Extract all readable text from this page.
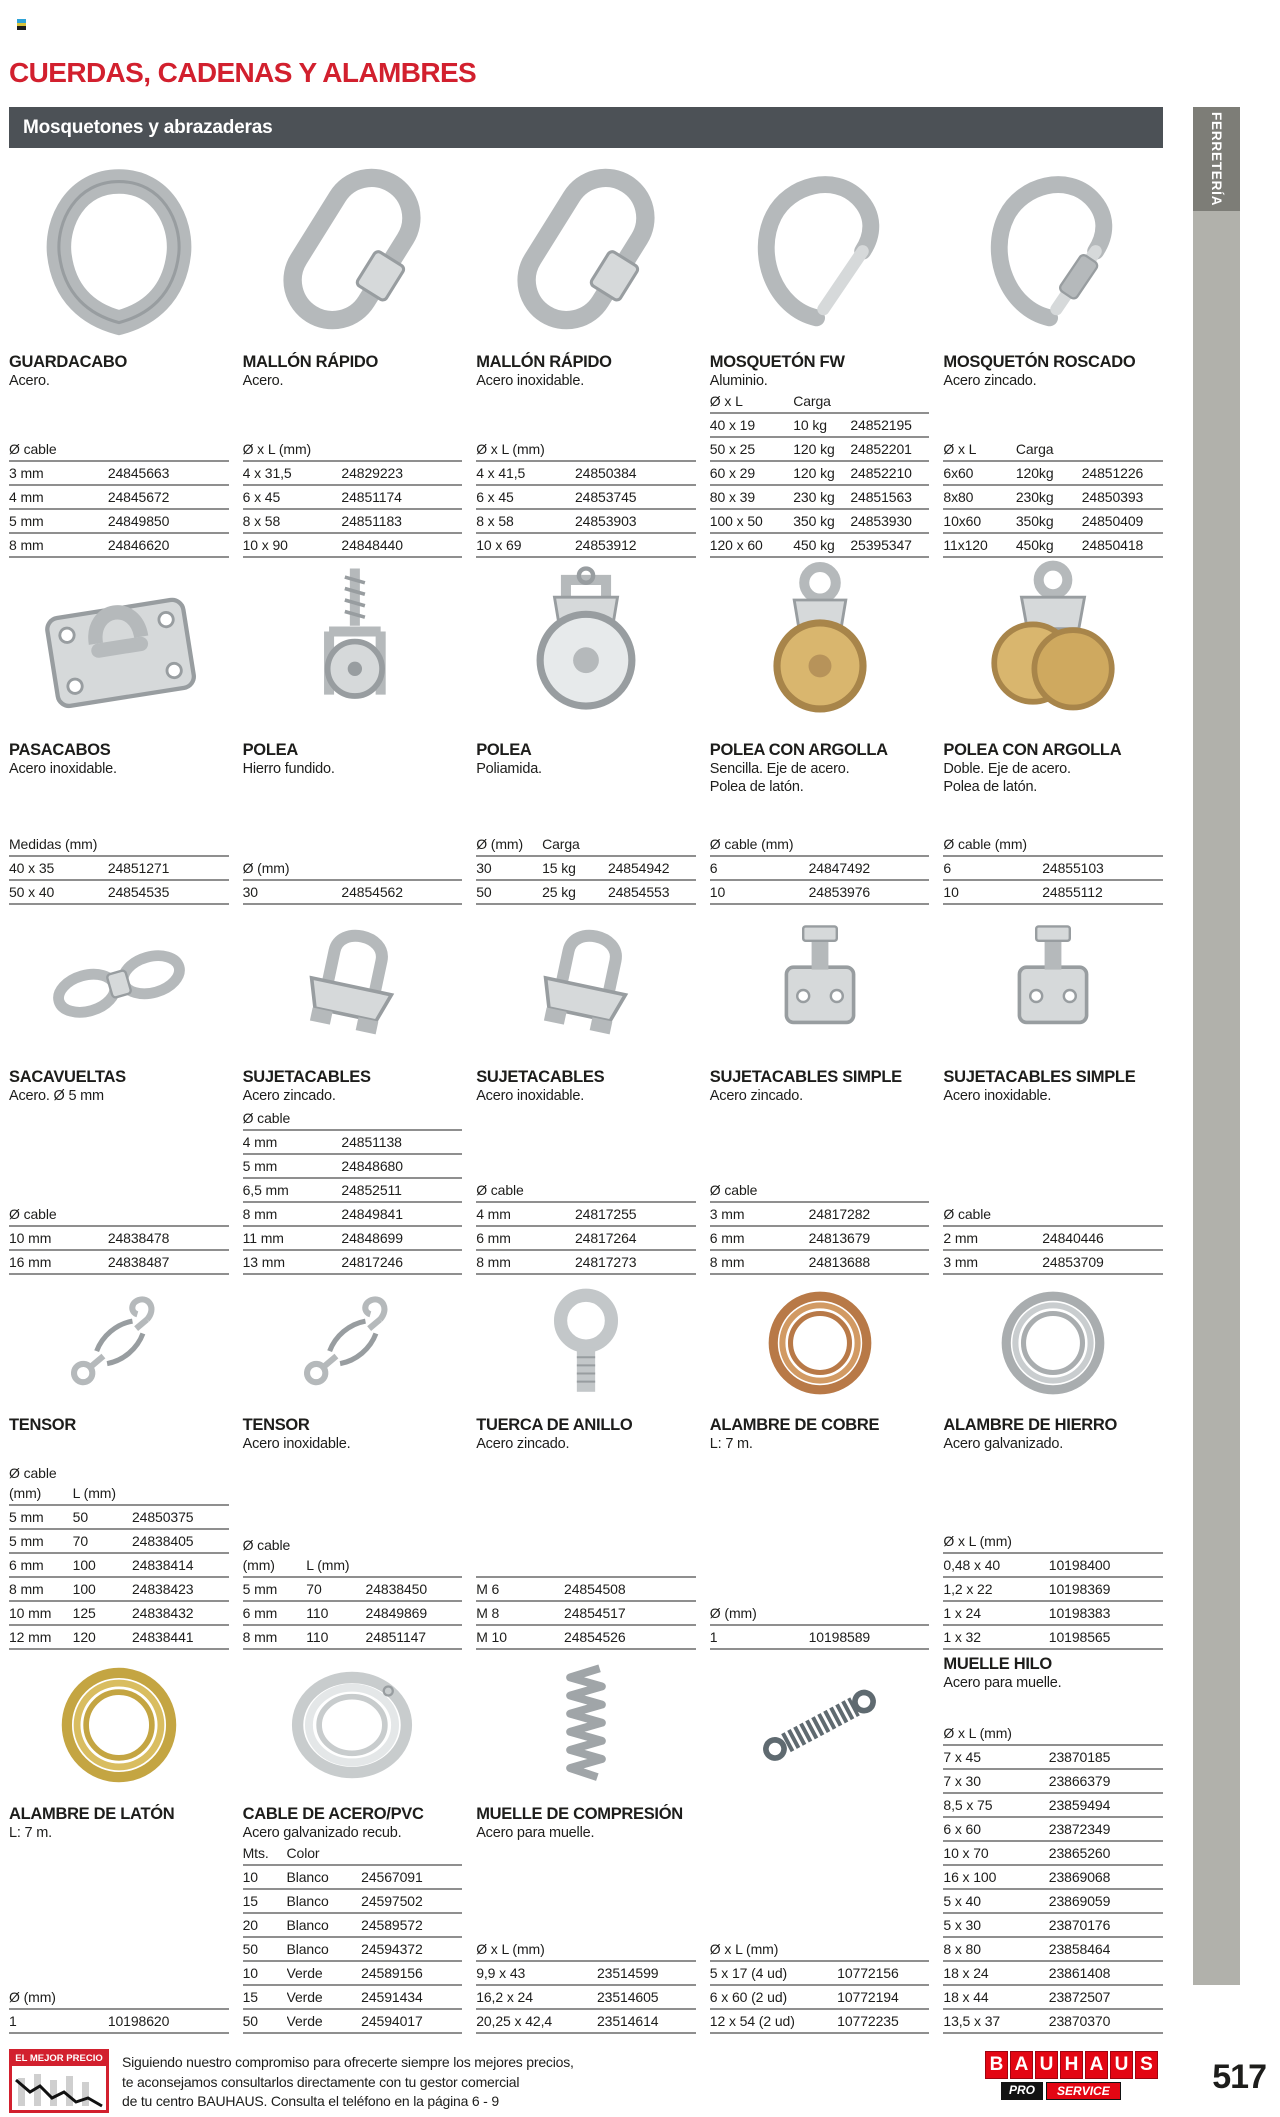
CUERDAS, CADENAS Y ALAMBRES
Mosquetones y abrazaderas	FERRETERÍA
GUARDACABO
Acero.
Ø cable
3 mm	24845663
4 mm	24845672
5 mm	24849850
8 mm	24846620
MALLÓN RÁPIDO
Acero.
Ø x L (mm)
4 x 31,5	24829223
6 x 45	24851174
8 x 58	24851183
10 x 90	24848440
MALLÓN RÁPIDO
Acero inoxidable.
Ø x L (mm)
4 x 41,5	24850384
6 x 45	24853745
8 x 58	24853903
10 x 69	24853912
MOSQUETÓN FW
Aluminio.
Ø x L	Carga
40 x 19	10 kg	24852195
50 x 25	120 kg	24852201
60 x 29	120 kg	24852210
80 x 39	230 kg	24851563
100 x 50	350 kg	24853930
120 x 60	450 kg	25395347
MOSQUETÓN ROSCADO
Acero zincado.
Ø x L	Carga
6x60	120kg	24851226
8x80	230kg	24850393
10x60	350kg	24850409
11x120	450kg	24850418
PASACABOS
Acero inoxidable.
Medidas (mm)
40 x 35	24851271
50 x 40	24854535
POLEA
Hierro fundido.
Ø (mm)
30	24854562
POLEA
Poliamida.
Ø (mm)	Carga
30	15 kg	24854942
50	25 kg	24854553
POLEA CON ARGOLLA
Sencilla. Eje de acero.
Polea de latón.
Ø cable (mm)
6	24847492
10	24853976
POLEA CON ARGOLLA
Doble. Eje de acero.
Polea de latón.
Ø cable (mm)
6	24855103
10	24855112
SACAVUELTAS
Acero. Ø 5 mm
Ø cable
10 mm	24838478
16 mm	24838487
SUJETACABLES
Acero zincado.
Ø cable
4 mm	24851138
5 mm	24848680
6,5 mm	24852511
8 mm	24849841
11 mm	24848699
13 mm	24817246
SUJETACABLES
Acero inoxidable.
Ø cable
4 mm	24817255
6 mm	24817264
8 mm	24817273
SUJETACABLES SIMPLE
Acero zincado.
Ø cable
3 mm	24817282
6 mm	24813679
8 mm	24813688
SUJETACABLES SIMPLE
Acero inoxidable.
Ø cable
2 mm	24840446
3 mm	24853709
TENSOR
Ø cable
(mm)	L (mm)
5 mm	50	24850375
5 mm	70	24838405
6 mm	100	24838414
8 mm	100	24838423
10 mm	125	24838432
12 mm	120	24838441
TENSOR
Acero inoxidable.
Ø cable
(mm)	L (mm)
5 mm	70	24838450
6 mm	110	24849869
8 mm	110	24851147
TUERCA DE ANILLO
Acero zincado.
M 6	24854508
M 8	24854517
M 10	24854526
ALAMBRE DE COBRE
L: 7 m.
Ø (mm)
1	10198589
ALAMBRE DE HIERRO
Acero galvanizado.
Ø x L (mm)
0,48 x 40	10198400
1,2 x 22	10198369
1 x 24	10198383
1 x 32	10198565
ALAMBRE DE LATÓN
L: 7 m.
Ø (mm)
1	10198620
CABLE DE ACERO/PVC
Acero galvanizado recub.
Mts.	Color
10	Blanco	24567091
15	Blanco	24597502
20	Blanco	24589572
50	Blanco	24594372
10	Verde	24589156
15	Verde	24591434
50	Verde	24594017
MUELLE DE COMPRESIÓN
Acero para muelle.
Ø x L (mm)
9,9 x 43	23514599
16,2 x 24	23514605
20,25 x 42,4	23514614
Ø x L (mm)
5 x 17 (4 ud)	10772156
6 x 60 (2 ud)	10772194
12 x 54 (2 ud)	10772235
MUELLE HILO
Acero para muelle.
Ø x L (mm)
7 x 45	23870185
7 x 30	23866379
8,5 x 75	23859494
6 x 60	23872349
10 x 70	23865260
16 x 100	23869068
5 x 40	23869059
5 x 30	23870176
8 x 80	23858464
18 x 24	23861408
18 x 44	23872507
13,5 x 37	23870370
EL MEJOR PRECIO Siguiendo nuestro compromiso para ofrecerte siempre los mejores precios,
te aconsejamos consultarlos directamente con tu gestor comercial
de tu centro BAUHAUS. Consulta el teléfono en la página 6 - 9
B A U H A U S
PRO	SERVICE	517
